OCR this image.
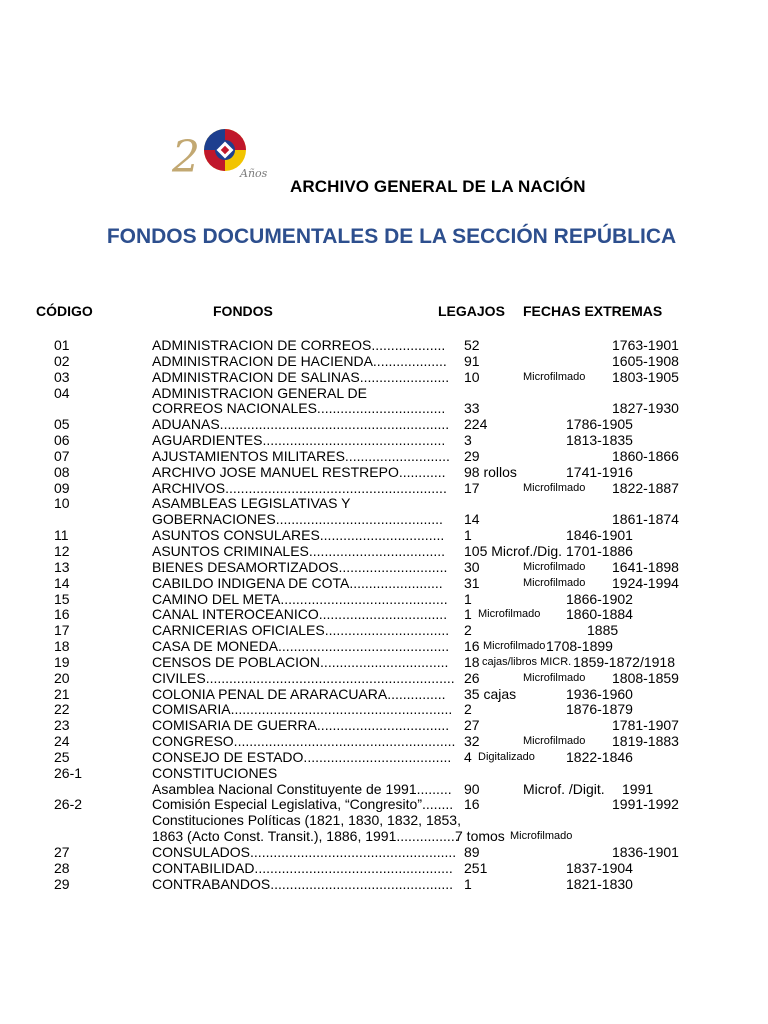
2	Años
ARCHIVO GENERAL DE LA NACIÓN
FONDOS DOCUMENTALES DE LA SECCIÓN REPÚBLICA
CÓDIGO	FONDOS	LEGAJOS FECHAS EXTREMAS
01	ADMINISTRACION DE CORREOS................... 52	1763-1901
02	ADMINISTRACION DE HACIENDA................... 91	1605-1908
03	ADMINISTRACION DE SALINAS....................... 10	Microfilmado 1803-1905
04	ADMINISTRACION GENERAL DE
CORREOS NACIONALES................................. 33	1827-1930
05	ADUANAS........................................................... 224	1786-1905
06	AGUARDIENTES............................................... 3	1813-1835
07	AJUSTAMIENTOS MILITARES........................... 29	1860-1866
08	ARCHIVO JOSE MANUEL RESTREPO............ 98 rollos	1741-1916
09	ARCHIVOS......................................................... 17	Microfilmado 1822-1887
10	ASAMBLEAS LEGISLATIVAS Y
GOBERNACIONES........................................... 14	1861-1874
11	ASUNTOS CONSULARES................................ 1	1846-1901
12	ASUNTOS CRIMINALES................................... 105 Microf./Dig. 1701-1886
13	BIENES DESAMORTIZADOS............................ 30	Microfilmado 1641-1898
14	CABILDO INDIGENA DE COTA........................ 31	Microfilmado 1924-1994
15	CAMINO DEL META........................................... 1	1866-1902
16	CANAL INTEROCEANICO................................. 1 Microfilmado 1860-1884
17	CARNICERIAS OFICIALES................................ 2	1885
18	CASA DE MONEDA............................................ 16 Microfilmado 1708-1899
19	CENSOS DE POBLACION................................. 18 cajas/libros MICR. 1859-1872/1918
20	CIVILES................................................................ 26	Microfilmado 1808-1859
21	COLONIA PENAL DE ARARACUARA............... 35 cajas	1936-1960
22	COMISARIA......................................................... 2	1876-1879
23	COMISARIA DE GUERRA.................................. 27	1781-1907
24	CONGRESO......................................................... 32	Microfilmado 1819-1883
25	CONSEJO DE ESTADO...................................... 4 Digitalizado 1822-1846
26-1	CONSTITUCIONES
Asamblea Nacional Constituyente de 1991......... 90	Microf. /Digit. 1991
26-2	Comisión Especial Legislativa, “Congresito”........ 16	1991-1992
Constituciones Políticas (1821, 1830, 1832, 1853,
1863 (Acto Const. Transit.), 1886, 1991................
7 tomos Microfilmado
27	CONSULADOS..................................................... 89	1836-1901
28	CONTABILIDAD................................................... 251	1837-1904
29	CONTRABANDOS............................................... 1	1821-1830
